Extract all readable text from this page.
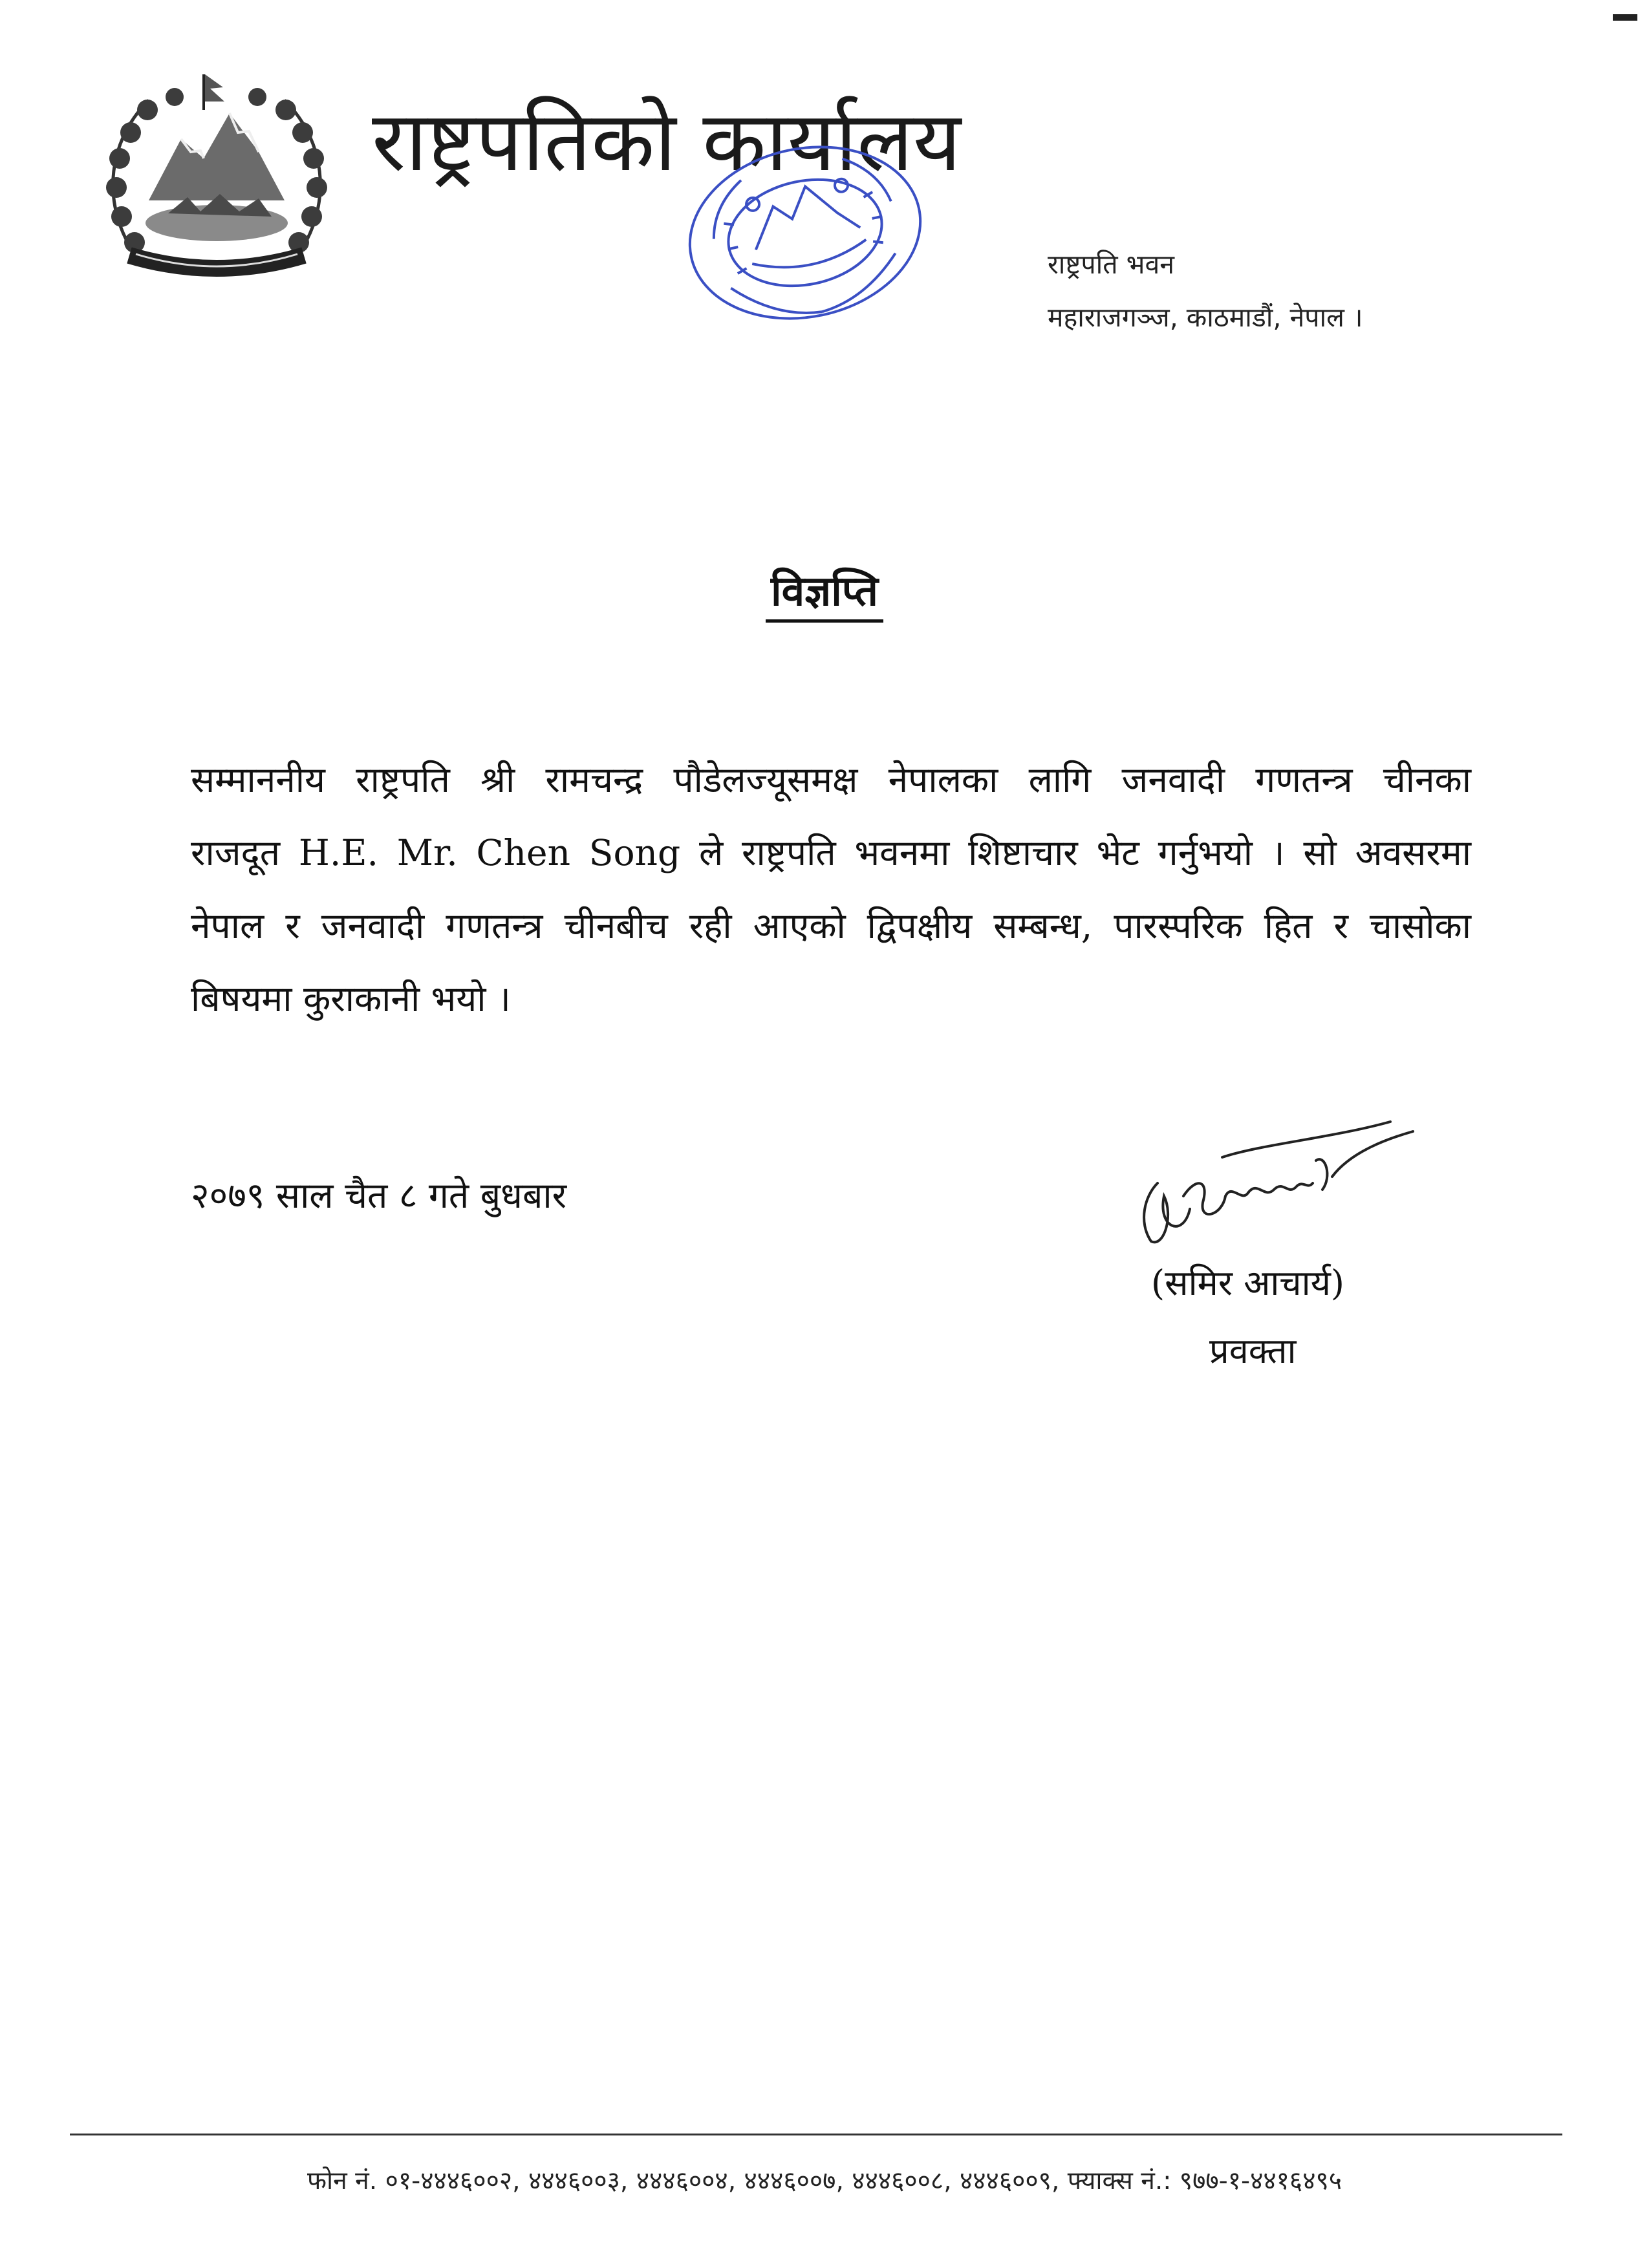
राष्ट्रपतिको कार्यालय
राष्ट्रपति भवन
महाराजगञ्ज, काठमाडौं, नेपाल ।
विज्ञप्ति
सम्माननीय राष्ट्रपति श्री रामचन्द्र पौडेलज्यूसमक्ष नेपालका लागि जनवादी गणतन्त्र चीनका
राजदूत H.E. Mr. Chen Song ले राष्ट्रपति भवनमा शिष्टाचार भेट गर्नुभयो । सो अवसरमा
नेपाल र जनवादी गणतन्त्र चीनबीच रही आएको द्विपक्षीय सम्बन्ध, पारस्परिक हित र चासोका
बिषयमा कुराकानी भयो ।
२०७९ साल चैत ८ गते बुधबार
(समिर आचार्य)
प्रवक्ता
फोन नं. ०१-४४४६००२, ४४४६००३, ४४४६००४, ४४४६००७, ४४४६००८, ४४४६००९, फ्याक्स नं.: ९७७-१-४४१६४९५
